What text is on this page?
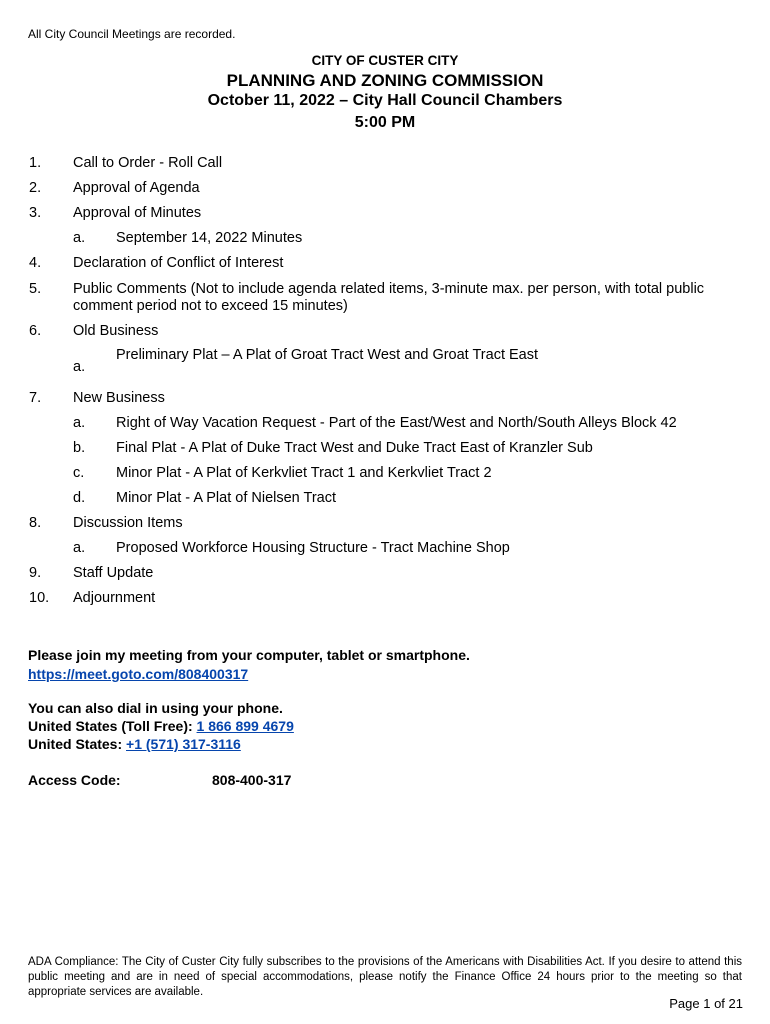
All City Council Meetings are recorded.
CITY OF CUSTER CITY
PLANNING AND ZONING COMMISSION
October 11, 2022 – City Hall Council Chambers
5:00 PM
1. Call to Order - Roll Call
2. Approval of Agenda
3. Approval of Minutes
a. September 14, 2022 Minutes
4. Declaration of Conflict of Interest
5. Public Comments (Not to include agenda related items, 3-minute max. per person, with total public comment period not to exceed 15 minutes)
6. Old Business
a.
Preliminary Plat – A Plat of Groat Tract West and Groat Tract East
7. New Business
a. Right of Way Vacation Request - Part of the East/West and North/South Alleys Block 42
b. Final Plat - A Plat of Duke Tract West and Duke Tract East of Kranzler Sub
c. Minor Plat - A Plat of Kerkvliet Tract 1 and Kerkvliet Tract 2
d. Minor Plat - A Plat of Nielsen Tract
8. Discussion Items
a. Proposed Workforce Housing Structure - Tract Machine Shop
9. Staff Update
10. Adjournment
Please join my meeting from your computer, tablet or smartphone.
https://meet.goto.com/808400317
You can also dial in using your phone.
United States (Toll Free): 1 866 899 4679
United States: +1 (571) 317-3116
Access Code:	808-400-317
ADA Compliance: The City of Custer City fully subscribes to the provisions of the Americans with Disabilities Act. If you desire to attend this public meeting and are in need of special accommodations, please notify the Finance Office 24 hours prior to the meeting so that appropriate services are available.
Page 1 of 21
